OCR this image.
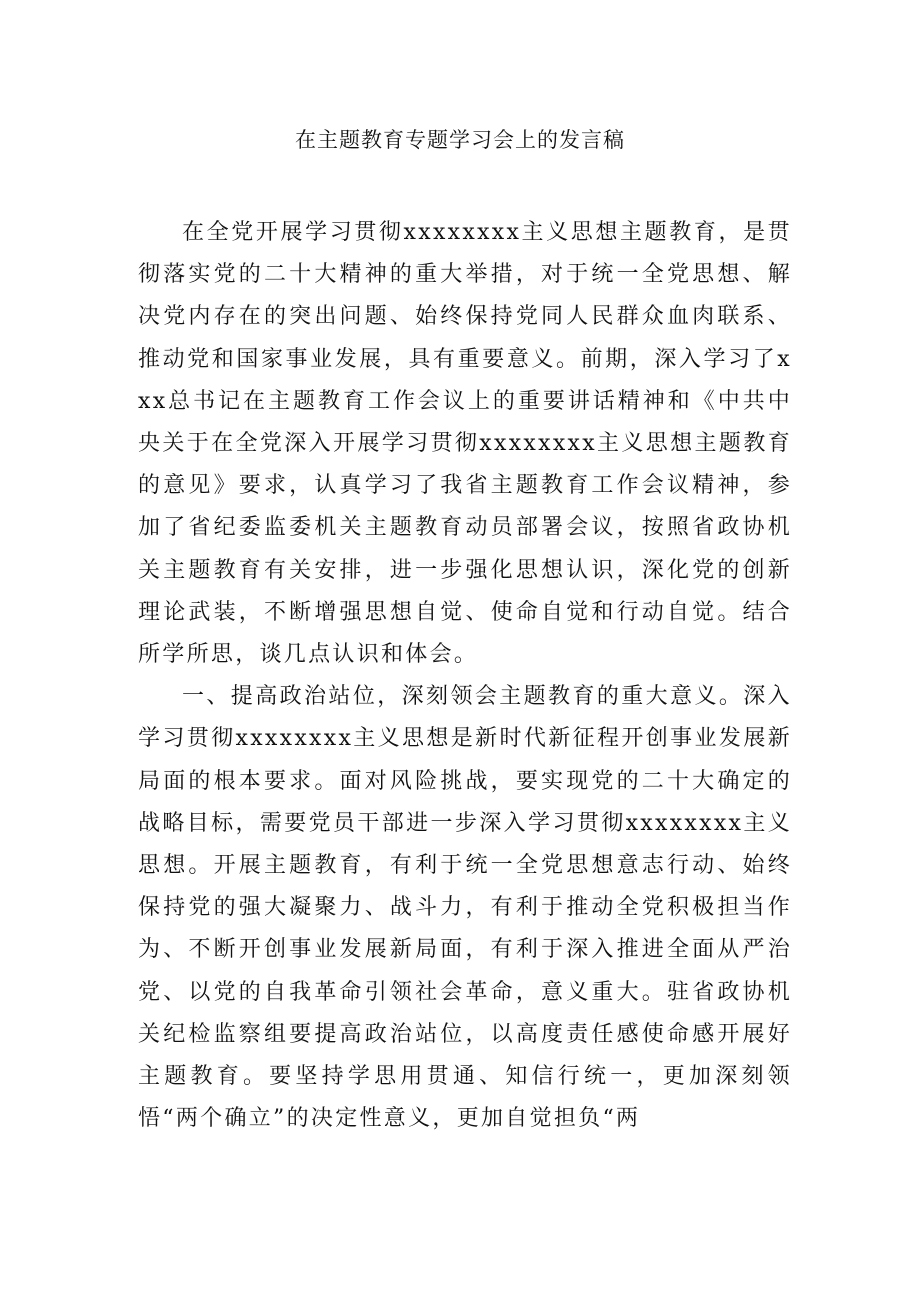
在主题教育专题学习会上的发言稿

在全党开展学习贯彻xxxxxxxx主义思想主题教育，是贯彻落实党的二十大精神的重大举措，对于统一全党思想、解决党内存在的突出问题、始终保持党同人民群众血肉联系、推动党和国家事业发展，具有重要意义。前期，深入学习了xxx总书记在主题教育工作会议上的重要讲话精神和《中共中央关于在全党深入开展学习贯彻xxxxxxxx主义思想主题教育的意见》要求，认真学习了我省主题教育工作会议精神，参加了省纪委监委机关主题教育动员部署会议，按照省政协机关主题教育有关安排，进一步强化思想认识，深化党的创新理论武装，不断增强思想自觉、使命自觉和行动自觉。结合所学所思，谈几点认识和体会。

一、提高政治站位，深刻领会主题教育的重大意义。深入学习贯彻xxxxxxxx主义思想是新时代新征程开创事业发展新局面的根本要求。面对风险挑战，要实现党的二十大确定的战略目标，需要党员干部进一步深入学习贯彻xxxxxxxx主义思想。开展主题教育，有利于统一全党思想意志行动、始终保持党的强大凝聚力、战斗力，有利于推动全党积极担当作为、不断开创事业发展新局面，有利于深入推进全面从严治党、以党的自我革命引领社会革命，意义重大。驻省政协机关纪检监察组要提高政治站位，以高度责任感使命感开展好主题教育。要坚持学思用贯通、知信行统一，更加深刻领悟“两个确立”的决定性意义，更加自觉担负“两
